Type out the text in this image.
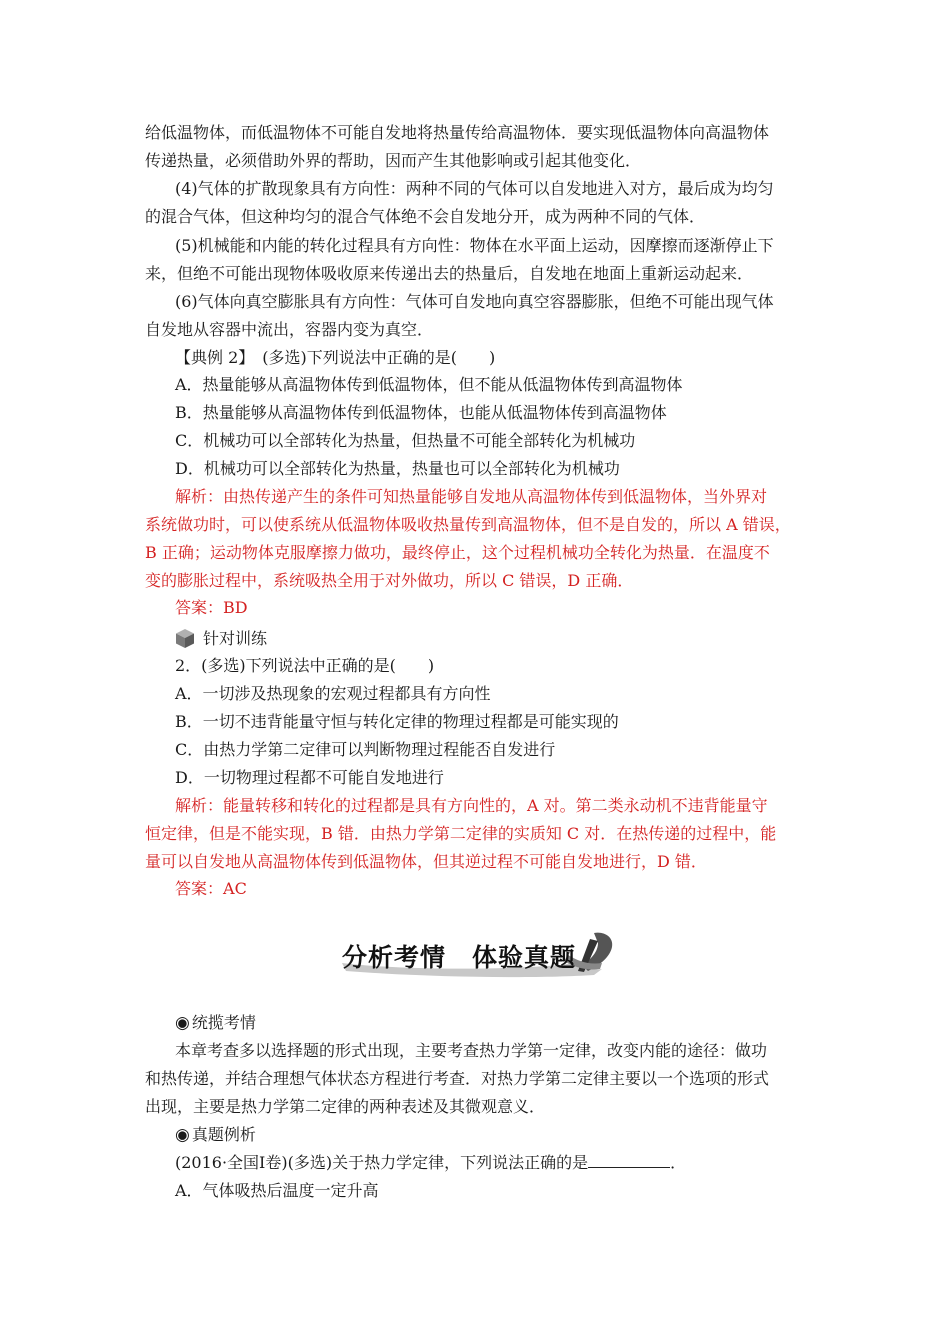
给低温物体，而低温物体不可能自发地将热量传给高温物体．要实现低温物体向高温物体
传递热量，必须借助外界的帮助，因而产生其他影响或引起其他变化．
(4)气体的扩散现象具有方向性：两种不同的气体可以自发地进入对方，最后成为均匀
的混合气体，但这种均匀的混合气体绝不会自发地分开，成为两种不同的气体．
(5)机械能和内能的转化过程具有方向性：物体在水平面上运动，因摩擦而逐渐停止下
来，但绝不可能出现物体吸收原来传递出去的热量后，自发地在地面上重新运动起来．
(6)气体向真空膨胀具有方向性：气体可自发地向真空容器膨胀，但绝不可能出现气体
自发地从容器中流出，容器内变为真空．
【典例 2】　(多选)下列说法中正确的是(　　)
A．热量能够从高温物体传到低温物体，但不能从低温物体传到高温物体
B．热量能够从高温物体传到低温物体，也能从低温物体传到高温物体
C．机械功可以全部转化为热量，但热量不可能全部转化为机械功
D．机械功可以全部转化为热量，热量也可以全部转化为机械功
解析：由热传递产生的条件可知热量能够自发地从高温物体传到低温物体，当外界对
系统做功时，可以使系统从低温物体吸收热量传到高温物体，但不是自发的，所以 A 错误，
B 正确；运动物体克服摩擦力做功，最终停止，这个过程机械功全转化为热量．在温度不
变的膨胀过程中，系统吸热全用于对外做功，所以 C 错误，D 正确．
答案：BD
针对训练
2．(多选)下列说法中正确的是(　　)
A．一切涉及热现象的宏观过程都具有方向性
B．一切不违背能量守恒与转化定律的物理过程都是可能实现的
C．由热力学第二定律可以判断物理过程能否自发进行
D．一切物理过程都不可能自发地进行
解析：能量转移和转化的过程都是具有方向性的，A 对。第二类永动机不违背能量守
恒定律，但是不能实现，B 错．由热力学第二定律的实质知 C 对．在热传递的过程中，能
量可以自发地从高温物体传到低温物体，但其逆过程不可能自发地进行，D 错．
答案：AC
分析考情　体验真题
◉ 统揽考情
本章考查多以选择题的形式出现，主要考查热力学第一定律，改变内能的途径：做功
和热传递，并结合理想气体状态方程进行考查．对热力学第二定律主要以一个选项的形式
出现，主要是热力学第二定律的两种表述及其微观意义．
◉ 真题例析
(2016·全国Ⅰ卷)(多选)关于热力学定律，下列说法正确的是	．
A．气体吸热后温度一定升高
